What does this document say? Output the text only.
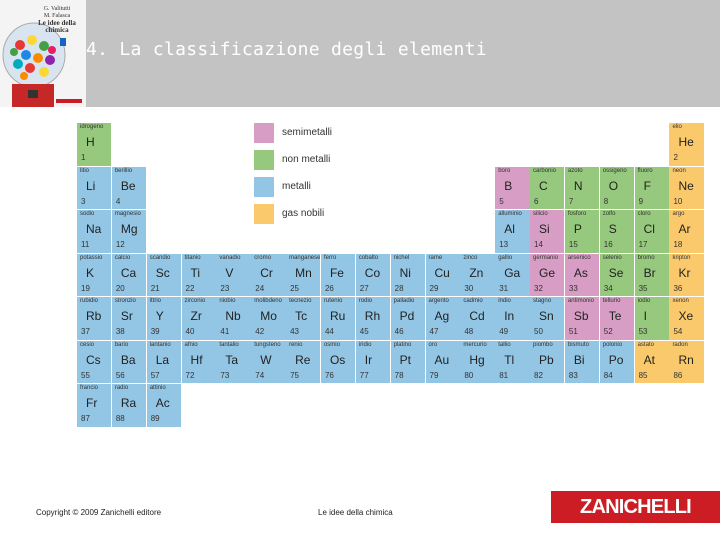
G. Valitutti
M. Falasca
Le idee della chimica
4. La classificazione degli elementi
idrogeno
H
1
elio
He
2
litio
Li
3
berillio
Be
4
boro
B
5
carbonio
C
6
azoto
N
7
ossigeno
O
8
fluoro
F
9
neon
Ne
10
sodio
Na
11
magnesio
Mg
12
alluminio
Al
13
silicio
Si
14
fosforo
P
15
zolfo
S
16
cloro
Cl
17
argo
Ar
18
potassio
K
19
calcio
Ca
20
scandio
Sc
21
titanio
Ti
22
vanadio
V
23
cromo
Cr
24
manganese
Mn
25
ferro
Fe
26
cobalto
Co
27
nichel
Ni
28
rame
Cu
29
zinco
Zn
30
gallio
Ga
31
germanio
Ge
32
arsenico
As
33
selenio
Se
34
bromo
Br
35
kripton
Kr
36
rubidio
Rb
37
stronzio
Sr
38
ittrio
Y
39
zirconio
Zr
40
niobio
Nb
41
molibdeno
Mo
42
tecnezio
Tc
43
rutenio
Ru
44
rodio
Rh
45
palladio
Pd
46
argento
Ag
47
cadmio
Cd
48
indio
In
49
stagno
Sn
50
antimonio
Sb
51
tellurio
Te
52
iodio
I
53
xenon
Xe
54
cesio
Cs
55
bario
Ba
56
lantanio
La
57
afnio
Hf
72
tantalio
Ta
73
tungsteno
W
74
renio
Re
75
osmio
Os
76
iridio
Ir
77
platino
Pt
78
oro
Au
79
mercurio
Hg
80
tallio
Tl
81
piombo
Pb
82
bismuto
Bi
83
polonio
Po
84
astato
At
85
radon
Rn
86
francio
Fr
87
radio
Ra
88
attinio
Ac
89
semimetalli
non metalli
metalli
gas nobili
Copyright © 2009 Zanichelli editore	Le idee della chimica	ZANICHELLI
